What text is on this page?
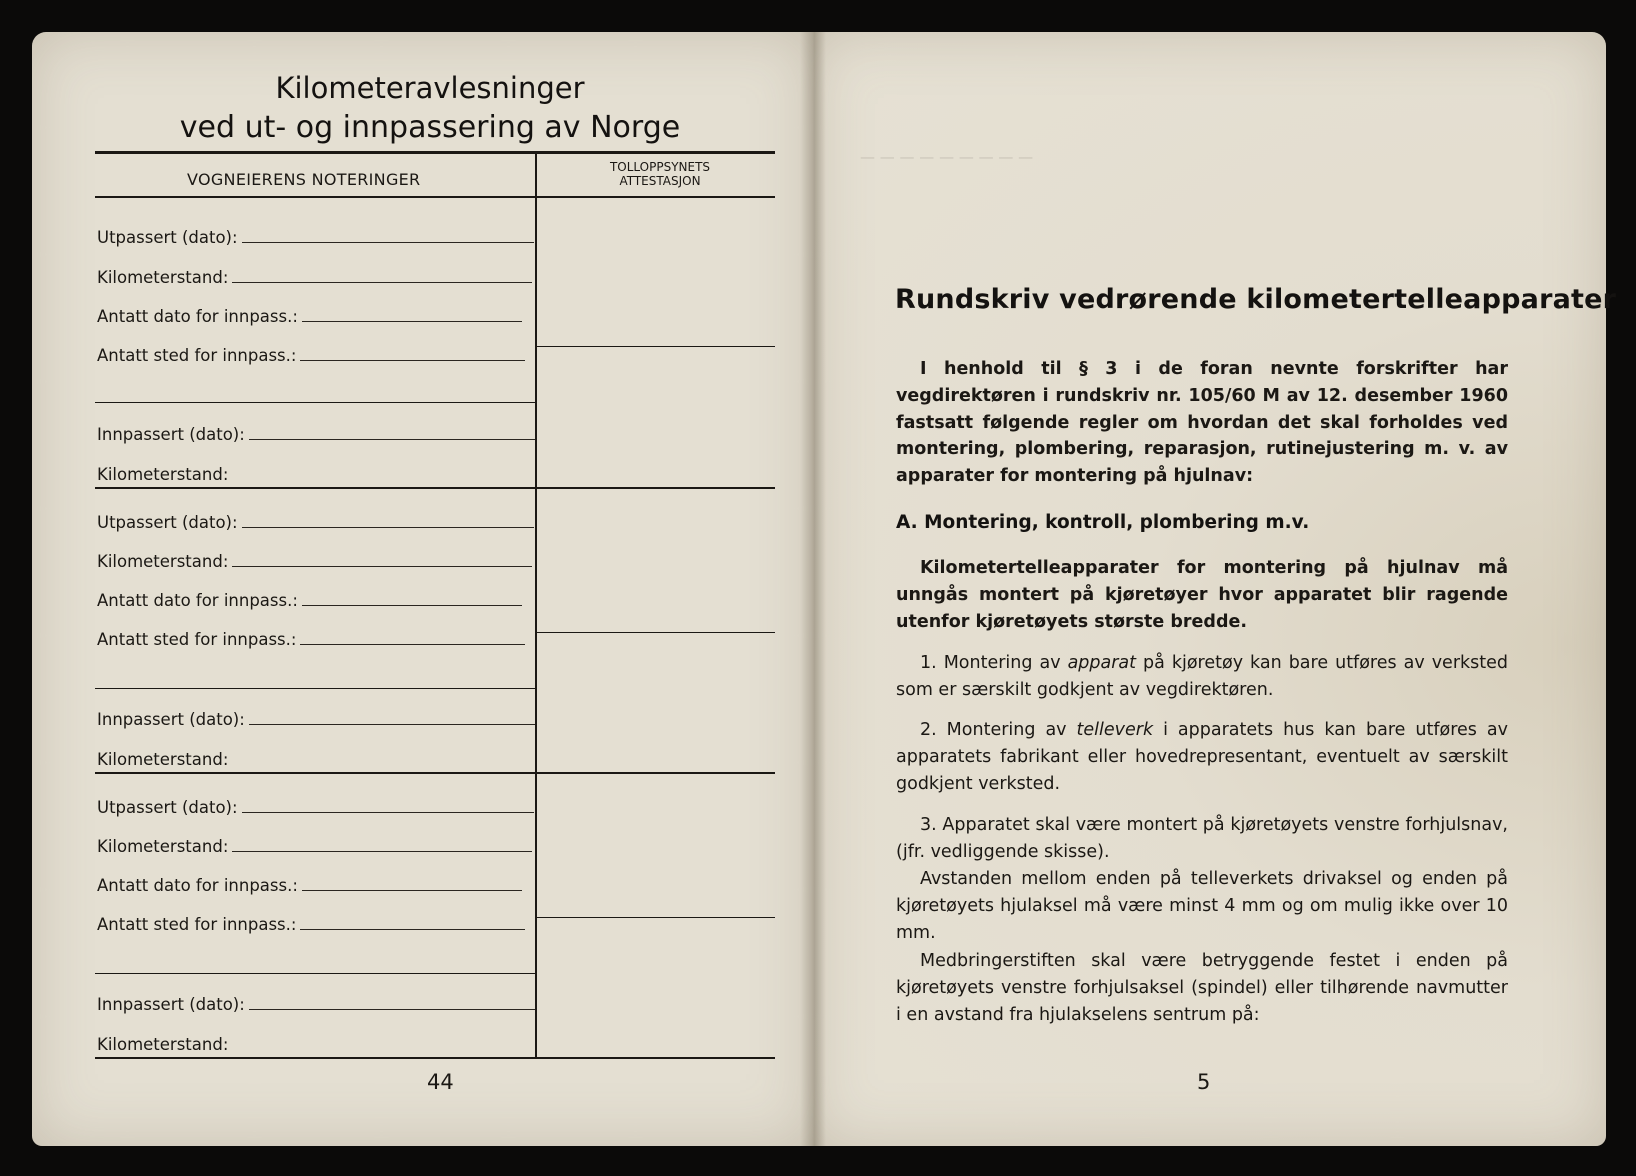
— — — — — — — — —
Kilometeravlesninger
ved ut- og innpassering av Norge
VOGNEIERENS NOTERINGER
TOLLOPPSYNETS
ATTESTASJON
Utpassert (dato):
Kilometerstand:
Antatt dato for innpass.:
Antatt sted for innpass.:
Innpassert (dato):
Kilometerstand:
Utpassert (dato):
Kilometerstand:
Antatt dato for innpass.:
Antatt sted for innpass.:
Innpassert (dato):
Kilometerstand:
Utpassert (dato):
Kilometerstand:
Antatt dato for innpass.:
Antatt sted for innpass.:
Innpassert (dato):
Kilometerstand:
44
Rundskriv vedrørende kilometertelleapparater
I henhold til § 3 i de foran nevnte forskrifter har vegdirektøren i rundskriv nr. 105/60 M av 12. desember 1960 fastsatt følgende regler om hvordan det skal forholdes ved montering, plombering, reparasjon, rutinejustering m. v. av apparater for montering på hjulnav:
A. Montering, kontroll, plombering m.v.
Kilometertelleapparater for montering på hjulnav må unngås montert på kjøretøyer hvor apparatet blir ragende utenfor kjøretøyets største bredde.
1. Montering av apparat på kjøretøy kan bare utføres av verksted som er særskilt godkjent av vegdirektøren.
2. Montering av telleverk i apparatets hus kan bare utføres av apparatets fabrikant eller hovedrepresentant, eventuelt av særskilt godkjent verksted.
3. Apparatet skal være montert på kjøretøyets venstre forhjulsnav, (jfr. vedliggende skisse).
Avstanden mellom enden på telleverkets drivaksel og enden på kjøretøyets hjulaksel må være minst 4 mm og om mulig ikke over 10 mm.
Medbringerstiften skal være betryggende festet i enden på kjøretøyets venstre forhjulsaksel (spindel) eller tilhørende navmutter i en avstand fra hjulakselens sentrum på:
5
